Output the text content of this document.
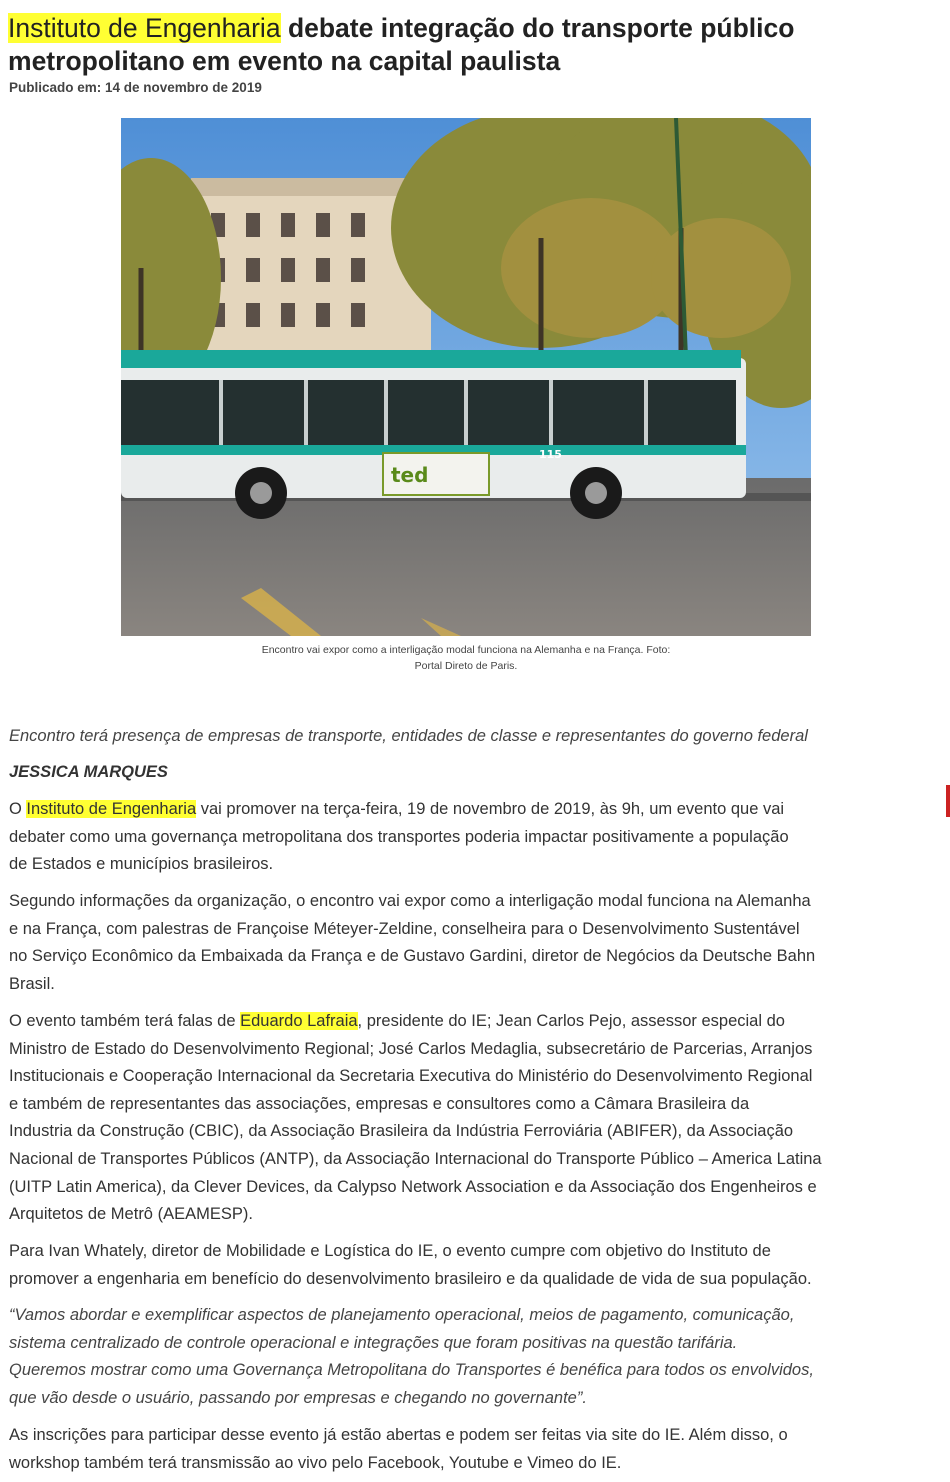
Instituto de Engenharia debate integração do transporte público metropolitano em evento na capital paulista
Publicado em: 14 de novembro de 2019
ted
115
Encontro vai expor como a interligação modal funciona na Alemanha e na França. Foto:
Portal Direto de Paris.
Encontro terá presença de empresas de transporte, entidades de classe e representantes do governo federal
JESSICA MARQUES
O Instituto de Engenharia vai promover na terça-feira, 19 de novembro de 2019, às 9h, um evento que vai
debater como uma governança metropolitana dos transportes poderia impactar positivamente a população
de Estados e municípios brasileiros.
Segundo informações da organização, o encontro vai expor como a interligação modal funciona na Alemanha
e na França, com palestras de Françoise Méteyer-Zeldine, conselheira para o Desenvolvimento Sustentável
no Serviço Econômico da Embaixada da França e de Gustavo Gardini, diretor de Negócios da Deutsche Bahn
Brasil.
O evento também terá falas de Eduardo Lafraia, presidente do IE; Jean Carlos Pejo, assessor especial do
Ministro de Estado do Desenvolvimento Regional; José Carlos Medaglia, subsecretário de Parcerias, Arranjos
Institucionais e Cooperação Internacional da Secretaria Executiva do Ministério do Desenvolvimento Regional
e também de representantes das associações, empresas e consultores como a Câmara Brasileira da
Industria da Construção (CBIC), da Associação Brasileira da Indústria Ferroviária (ABIFER), da Associação
Nacional de Transportes Públicos (ANTP), da Associação Internacional do Transporte Público – America Latina
(UITP Latin America), da Clever Devices, da Calypso Network Association e da Associação dos Engenheiros e
Arquitetos de Metrô (AEAMESP).
Para Ivan Whately, diretor de Mobilidade e Logística do IE, o evento cumpre com objetivo do Instituto de
promover a engenharia em benefício do desenvolvimento brasileiro e da qualidade de vida de sua população.
“Vamos abordar e exemplificar aspectos de planejamento operacional, meios de pagamento, comunicação,
sistema centralizado de controle operacional e integrações que foram positivas na questão tarifária.
Queremos mostrar como uma Governança Metropolitana do Transportes é benéfica para todos os envolvidos,
que vão desde o usuário, passando por empresas e chegando no governante”.
As inscrições para participar desse evento já estão abertas e podem ser feitas via site do IE. Além disso, o
workshop também terá transmissão ao vivo pelo Facebook, Youtube e Vimeo do IE.
